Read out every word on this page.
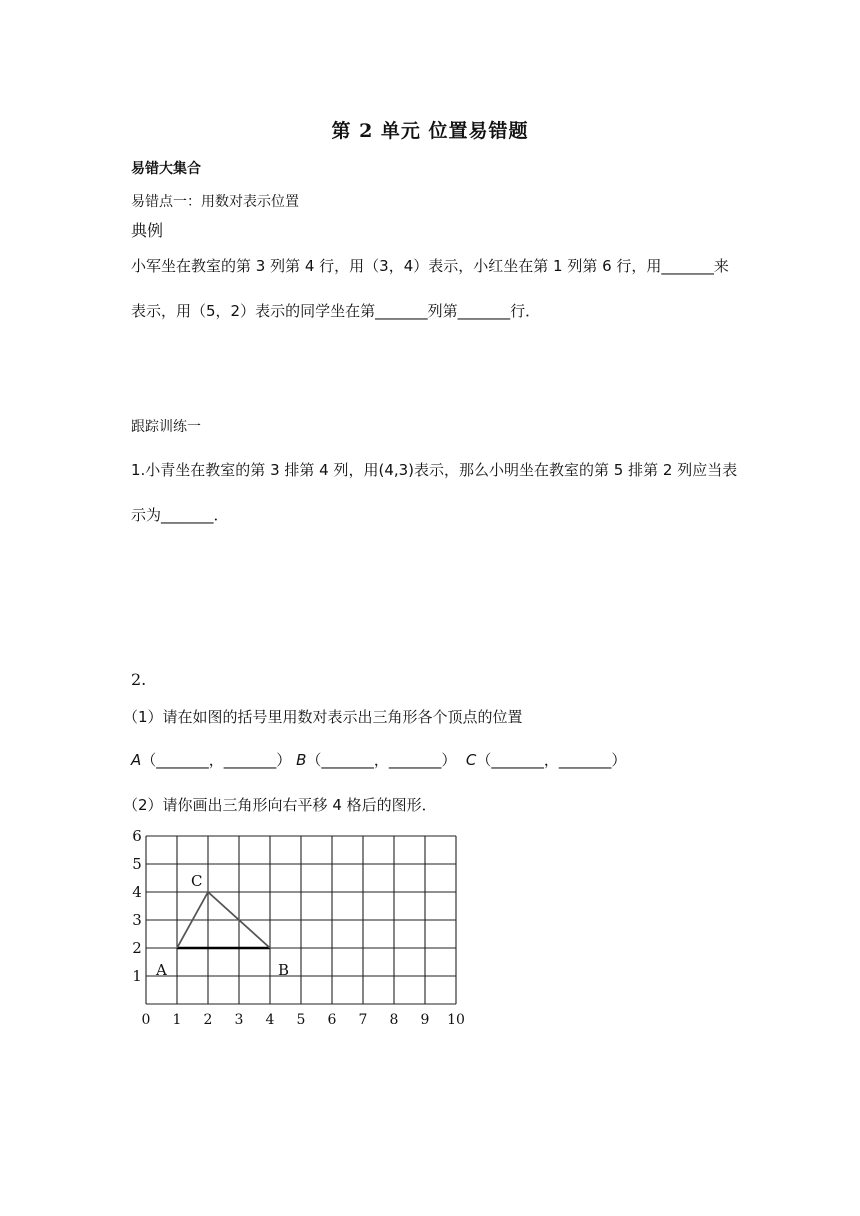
第 2 单元 位置易错题
易错大集合
易错点一：用数对表示位置
典例
小军坐在教室的第 3 列第 4 行，用（3，4）表示，小红坐在第 1 列第 6 行，用_______来
表示，用（5，2）表示的同学坐在第_______列第_______行．
跟踪训练一
1.小青坐在教室的第 3 排第 4 列，用(4,3)表示，那么小明坐在教室的第 5 排第 2 列应当表
示为_______．
2.
（1）请在如图的括号里用数对表示出三角形各个顶点的位置
A（_______，_______） B（_______，_______） C（_______，_______）
（2）请你画出三角形向右平移 4 格后的图形．
0 1 2 3 4 5 6 7 8 9 10
1
2
3
4
5
6
A	B
C
